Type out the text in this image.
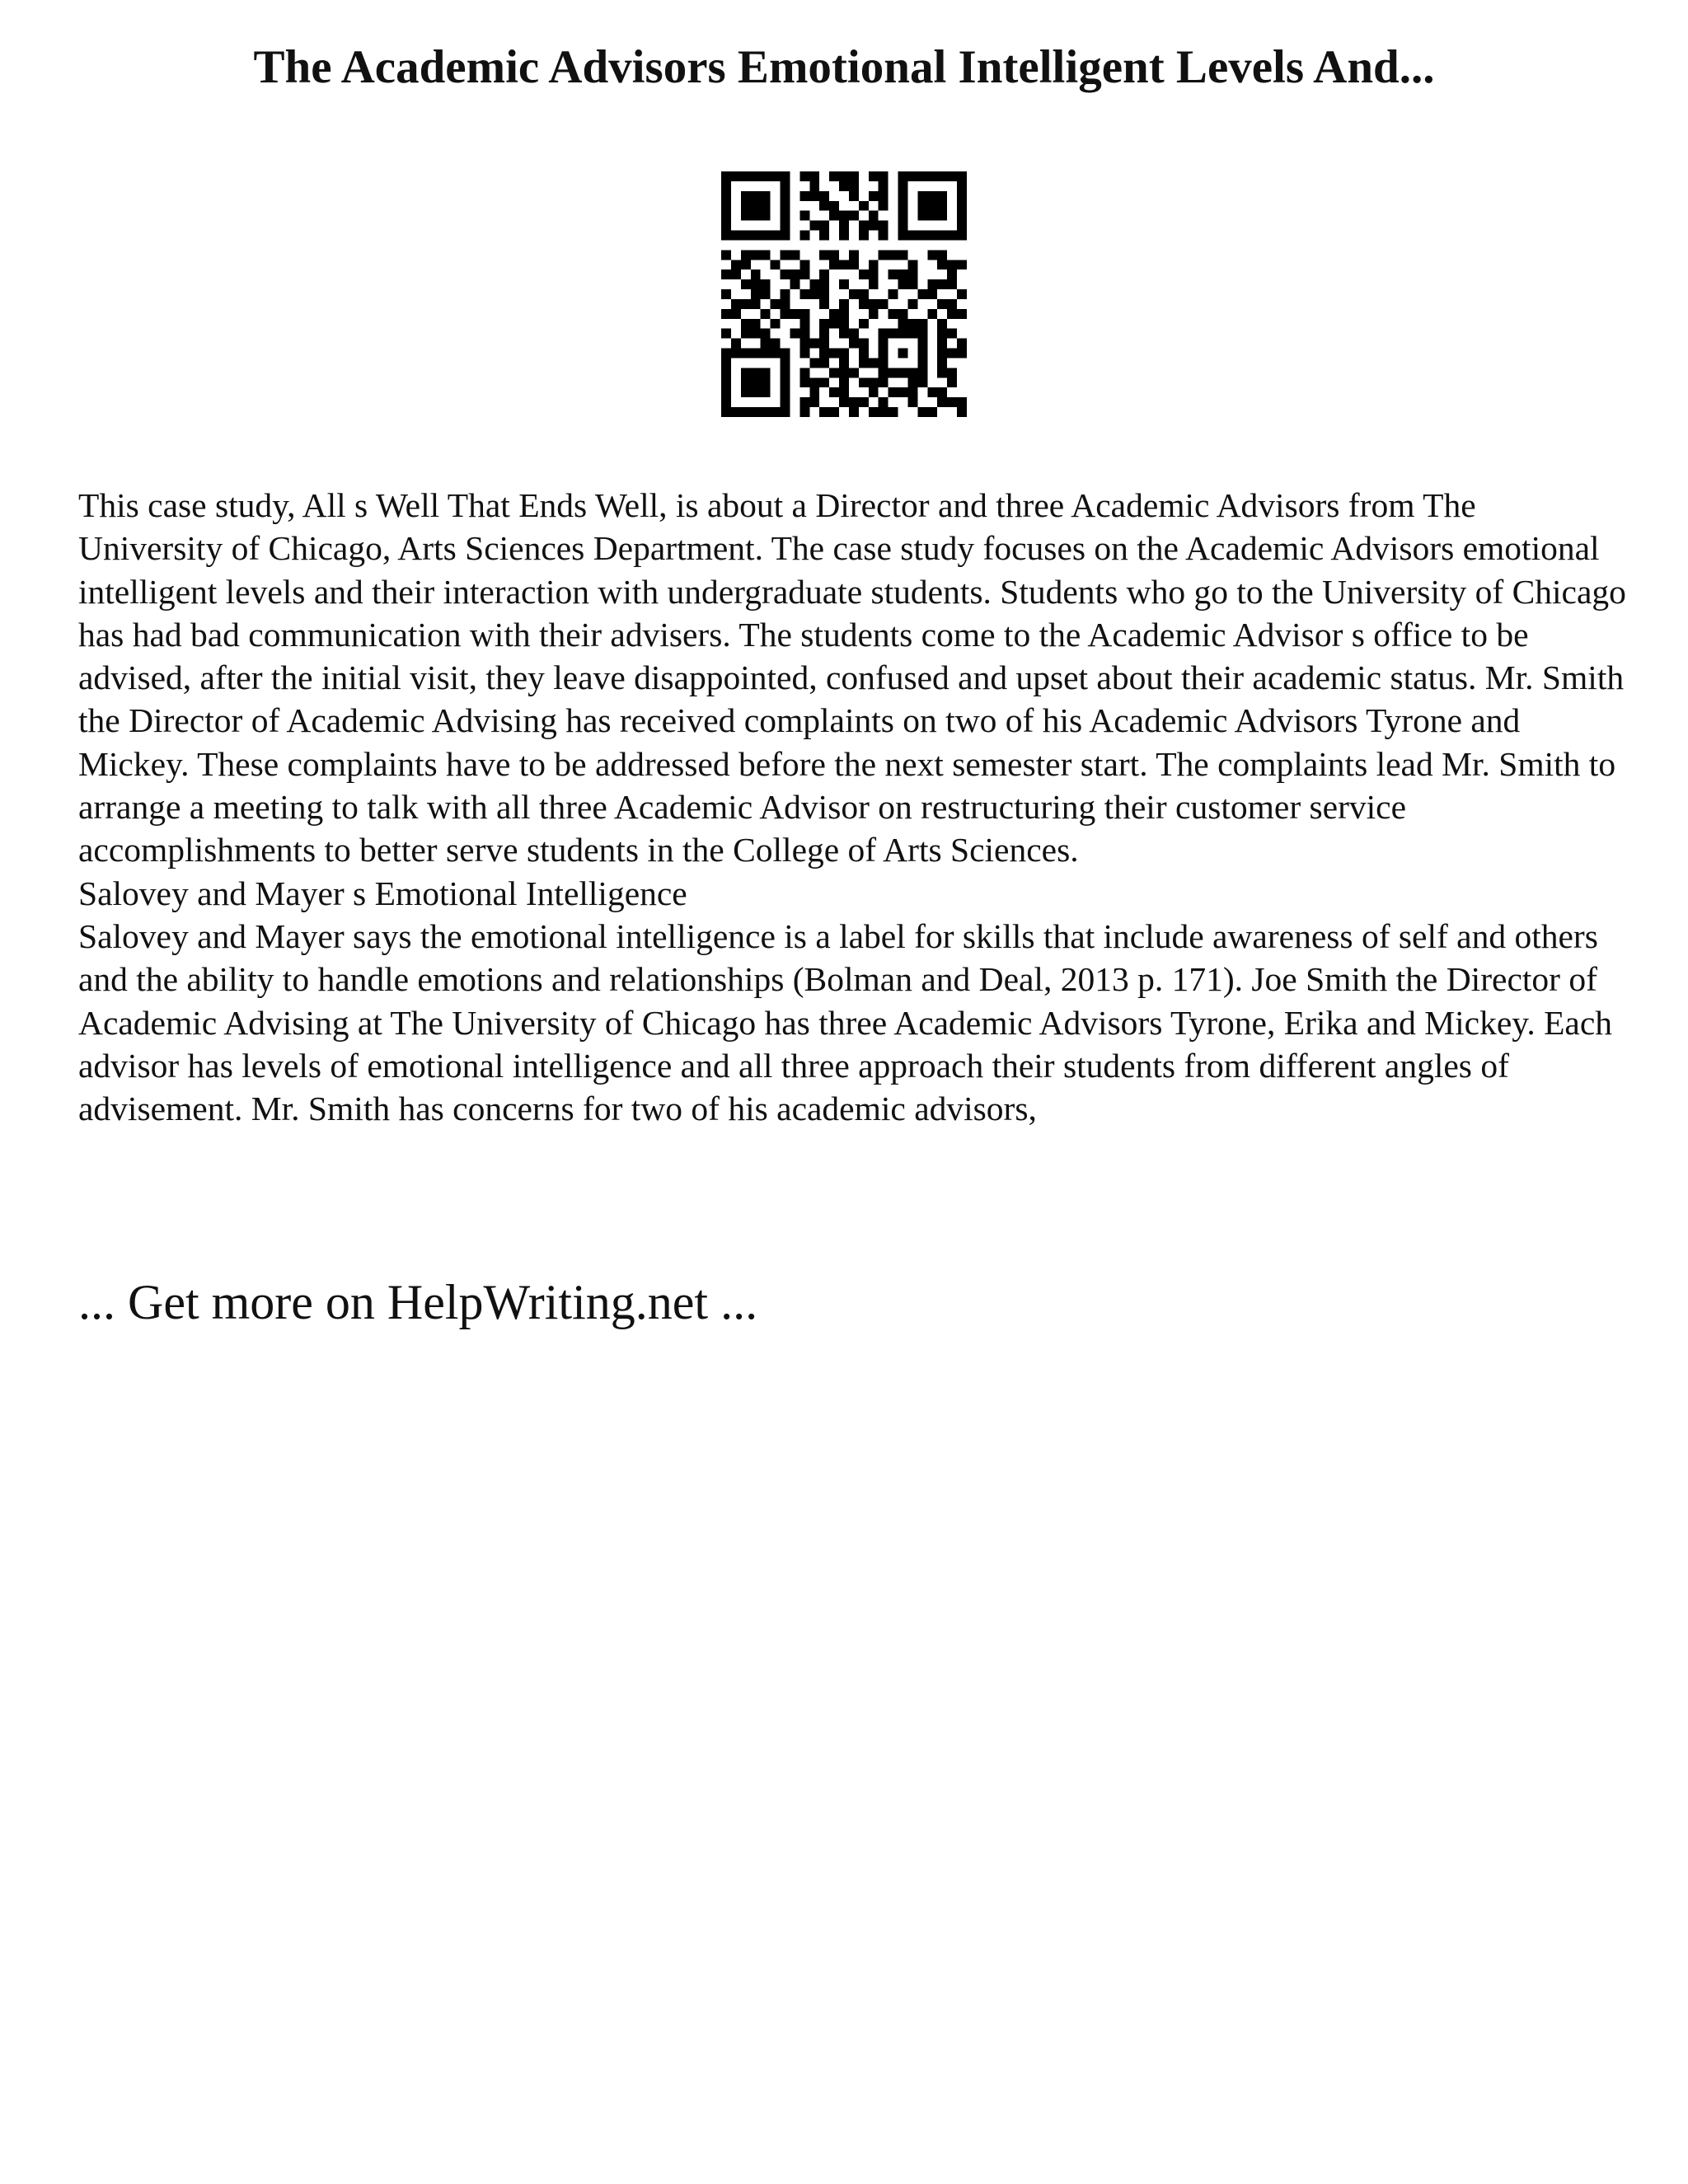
The Academic Advisors Emotional Intelligent Levels And...

This case study, All s Well That Ends Well, is about a Director and three Academic Advisors from The University of Chicago, Arts Sciences Department. The case study focuses on the Academic Advisors emotional intelligent levels and their interaction with undergraduate students. Students who go to the University of Chicago has had bad communication with their advisers. The students come to the Academic Advisor s office to be advised, after the initial visit, they leave disappointed, confused and upset about their academic status. Mr. Smith the Director of Academic Advising has received complaints on two of his Academic Advisors Tyrone and Mickey. These complaints have to be addressed before the next semester start. The complaints lead Mr. Smith to arrange a meeting to talk with all three Academic Advisor on restructuring their customer service accomplishments to better serve students in the College of Arts Sciences.

Salovey and Mayer s Emotional Intelligence

Salovey and Mayer says the emotional intelligence is a label for skills that include awareness of self and others and the ability to handle emotions and relationships (Bolman and Deal, 2013 p. 171). Joe Smith the Director of Academic Advising at The University of Chicago has three Academic Advisors Tyrone, Erika and Mickey. Each advisor has levels of emotional intelligence and all three approach their students from different angles of advisement. Mr. Smith has concerns for two of his academic advisors,

... Get more on HelpWriting.net ...
